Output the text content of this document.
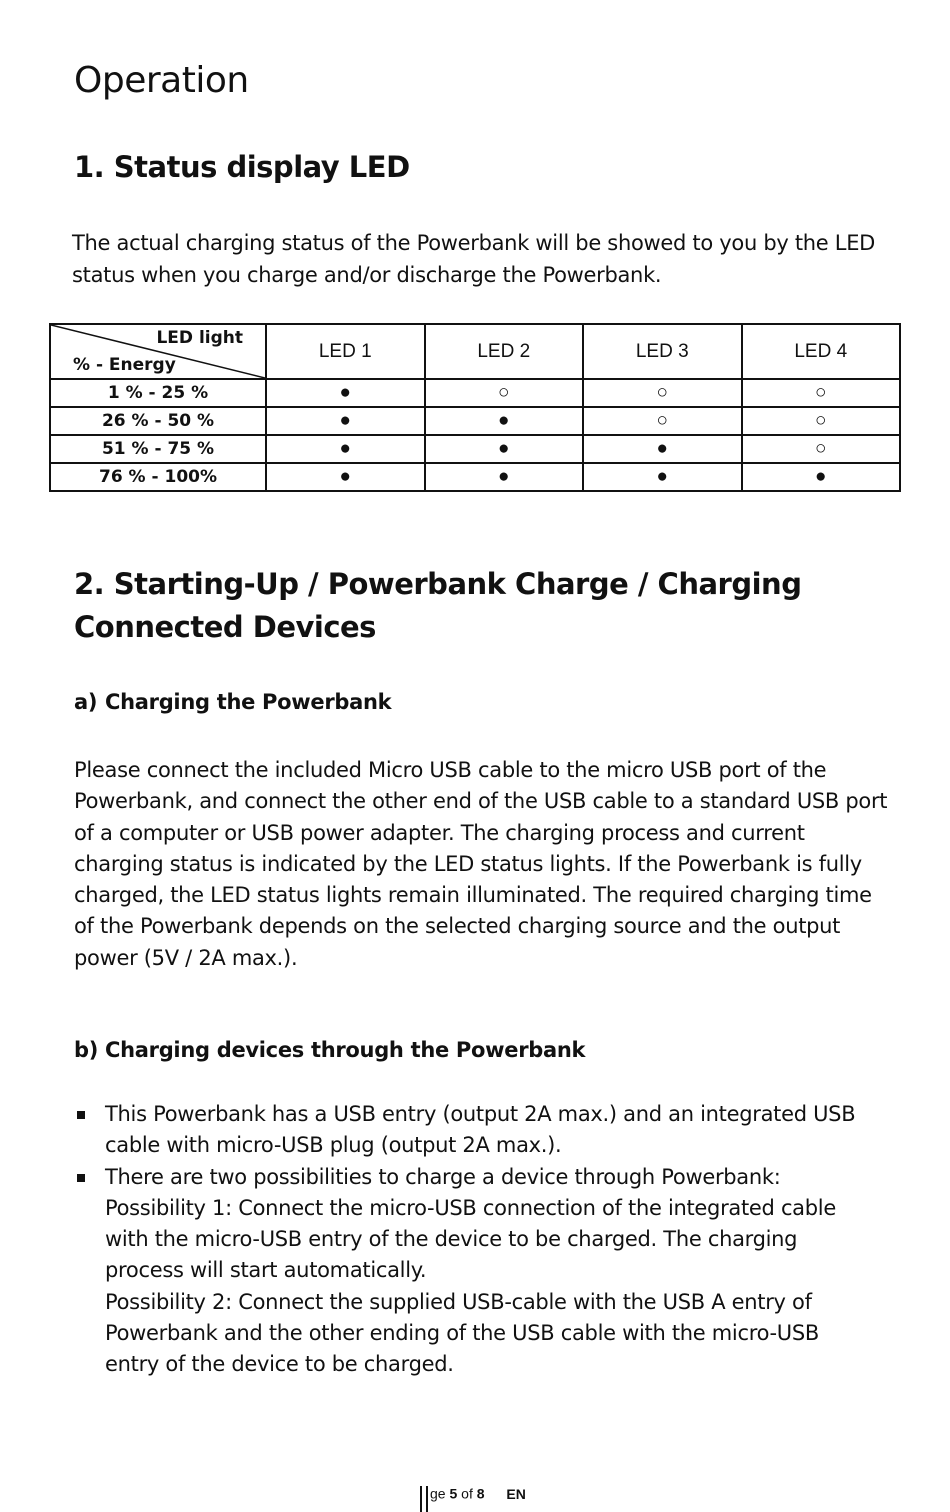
Operation
1. Status display LED
The actual charging status of the Powerbank will be showed to you by the LED status when you charge and/or discharge the Powerbank.
LED light
% - Energy	LED 1	LED 2	LED 3	LED 4
1 % - 25 %	●	○	○	○
26 % - 50 %	●	●	○	○
51 % - 75 %	●	●	●	○
76 % - 100%	●	●	●	●
2. Starting-Up / Powerbank Charge / Charging Connected Devices
a) Charging the Powerbank
Please connect the included Micro USB cable to the micro USB port of the Powerbank, and connect the other end of the USB cable to a standard USB port of a computer or USB power adapter. The charging process and current charging status is indicated by the LED status lights. If the Powerbank is fully charged, the LED status lights remain illuminated. The required charging time of the Powerbank depends on the selected charging source and the output power (5V / 2A max.).
b) Charging devices through the Powerbank
This Powerbank has a USB entry (output 2A max.) and an integrated USB cable with micro-USB plug (output 2A max.).
There are two possibilities to charge a device through Powerbank:
Possibility 1: Connect the micro-USB connection of the integrated cable with the micro-USB entry of the device to be charged. The charging process will start automatically.
Possibility 2: Connect the supplied USB-cable with the USB A entry of Powerbank and the other ending of the USB cable with the micro-USB entry of the device to be charged.
ge 5 of 8 EN
